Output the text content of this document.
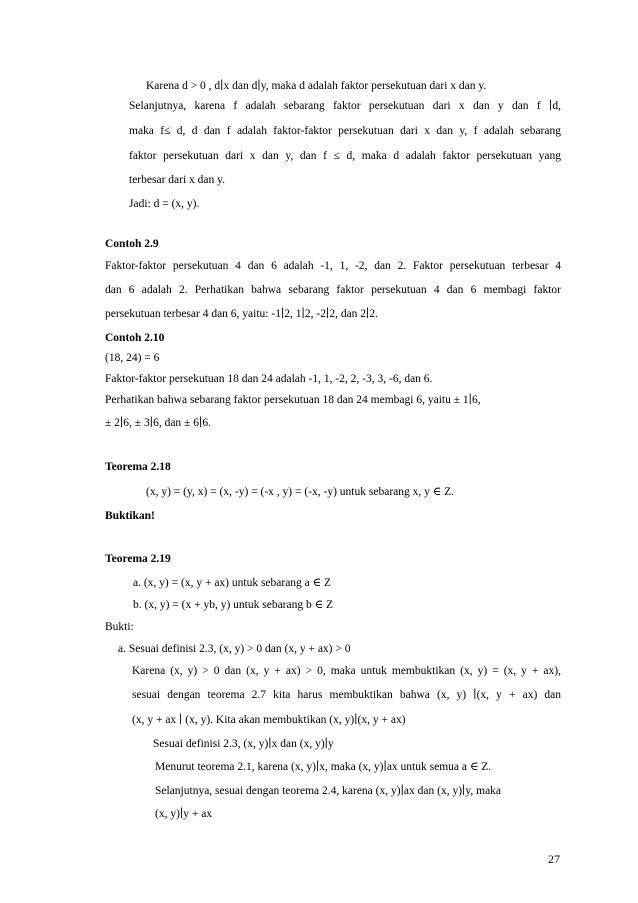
Karena d > 0 , d∣x dan d∣y, maka d adalah faktor persekutuan dari x dan y.
Selanjutnya, karena f adalah sebarang faktor persekutuan dari x dan y dan f ∣d,
maka f≤ d, d dan f adalah faktor-faktor persekutuan dari x dan y, f adalah sebarang
faktor persekutuan dari x dan y, dan f ≤ d, maka d adalah faktor persekutuan yang
terbesar dari x dan y.
Jadi: d = (x, y).
Contoh 2.9
Faktor-faktor persekutuan 4 dan 6 adalah -1, 1, -2, dan 2. Faktor persekutuan terbesar 4
dan 6 adalah 2. Perhatikan bahwa sebarang faktor persekutuan 4 dan 6 membagi faktor
persekutuan terbesar 4 dan 6, yaitu: -1∣2, 1∣2, -2∣2, dan 2∣2.
Contoh 2.10
(18, 24) = 6
Faktor-faktor persekutuan 18 dan 24 adalah -1, 1, -2, 2, -3, 3, -6, dan 6.
Perhatikan bahwa sebarang faktor persekutuan 18 dan 24 membagi 6, yaitu ± 1∣6,
± 2∣6, ± 3∣6, dan ± 6∣6.
Teorema 2.18
(x, y) = (y, x) = (x, -y) = (-x , y) = (-x, -y) untuk sebarang x, y ∈ Z.
Buktikan!
Teorema 2.19
a. (x, y) = (x, y + ax) untuk sebarang a ∈ Z
b. (x, y) = (x + yb, y) untuk sebarang b ∈ Z
Bukti:
a. Sesuai definisi 2.3, (x, y) > 0 dan (x, y + ax) > 0
Karena (x, y) > 0 dan (x, y + ax) > 0, maka untuk membuktikan (x, y) = (x, y + ax),
sesuai dengan teorema 2.7 kita harus membuktikan bahwa (x, y) ∣(x, y + ax) dan
(x, y + ax ∣ (x, y). Kita akan membuktikan (x, y)∣(x, y + ax)
Sesuai definisi 2.3, (x, y)∣x dan (x, y)∣y
Menurut teorema 2.1, karena (x, y)∣x, maka (x, y)∣ax untuk semua a ∈ Z.
Selanjutnya, sesuai dengan teorema 2.4, karena (x, y)∣ax dan (x, y)∣y, maka
(x, y)∣y + ax
27
